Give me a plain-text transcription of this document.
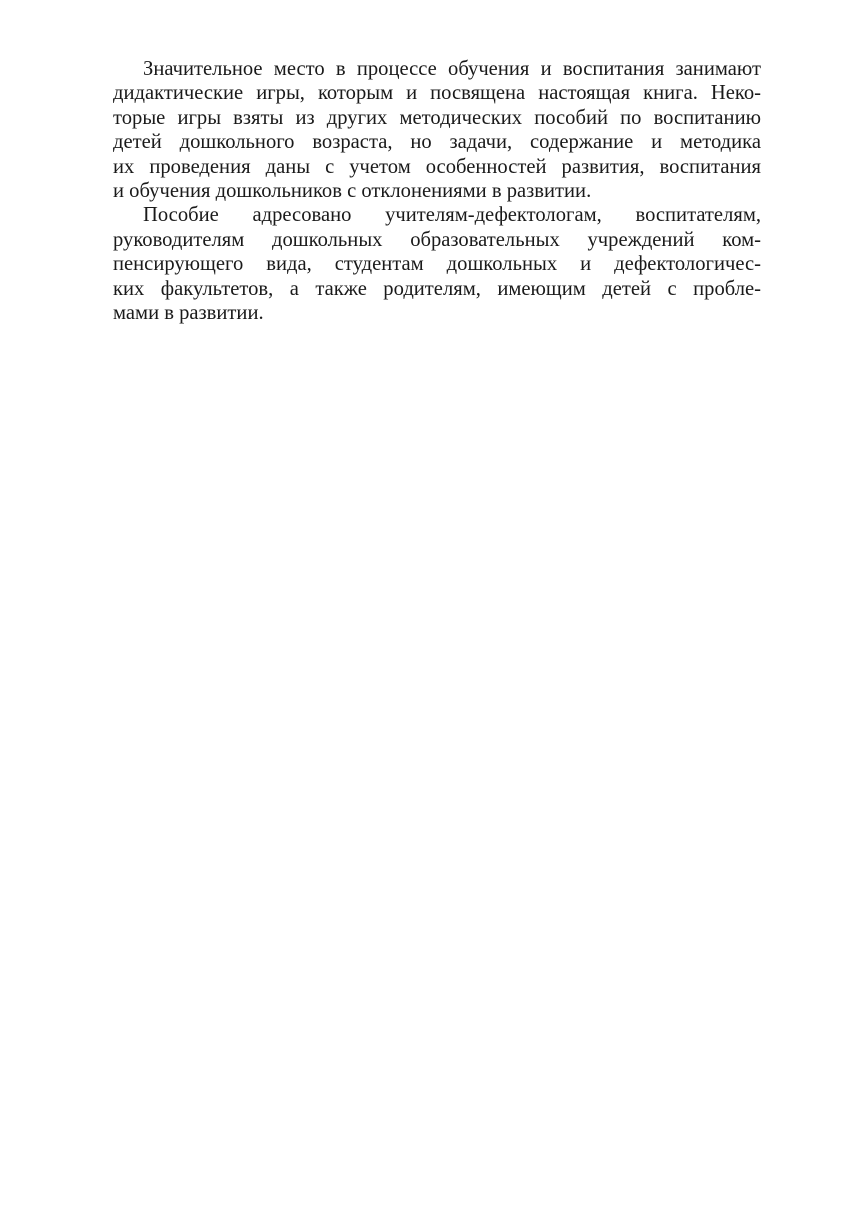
Значительное место в процессе обучения и воспитания занимают
дидактические игры, которым и посвящена настоящая книга. Неко-
торые игры взяты из других методических пособий по воспитанию
детей дошкольного возраста, но задачи, содержание и методика
их проведения даны с учетом особенностей развития, воспитания
и обучения дошкольников с отклонениями в развитии.
Пособие адресовано учителям-дефектологам, воспитателям,
руководителям дошкольных образовательных учреждений ком-
пенсирующего вида, студентам дошкольных и дефектологичес-
ких факультетов, а также родителям, имеющим детей с пробле-
мами в развитии.
